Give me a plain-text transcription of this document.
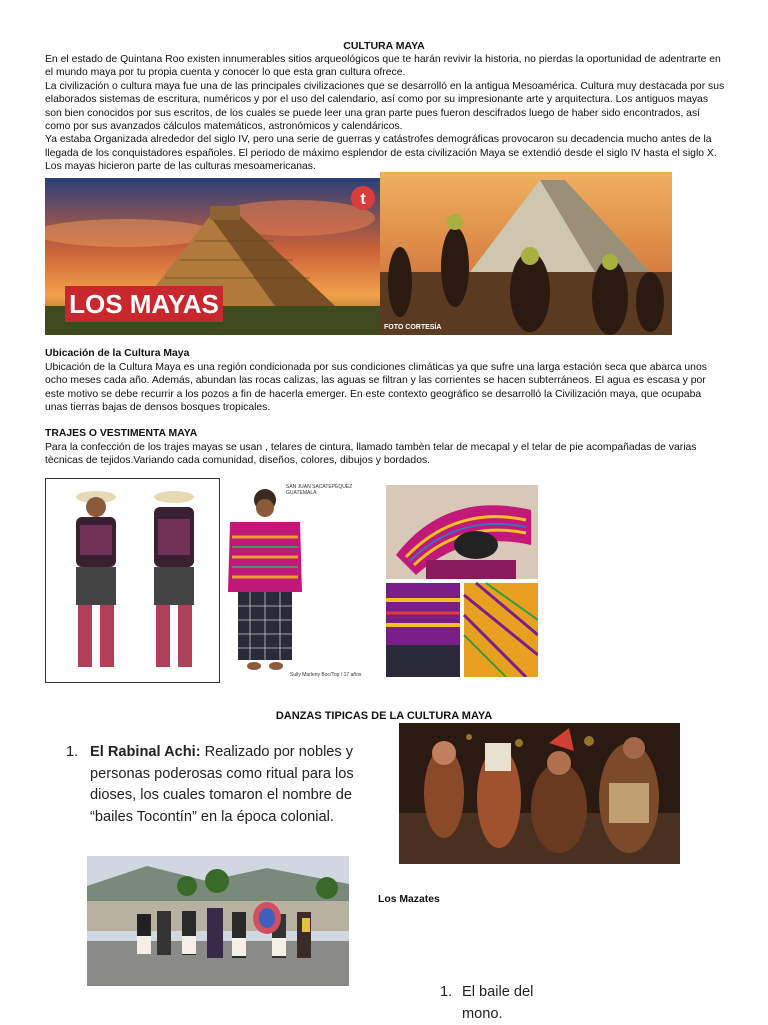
CULTURA MAYA

En el estado de Quintana Roo existen innumerables sitios arqueológicos que te harán revivir la historia, no pierdas la oportunidad de adentrarte en el mundo maya por tu propia cuenta y conocer lo que esta gran cultura ofrece.

La civilización o cultura maya fue una de las principales civilizaciones que se desarrolló en la antigua Mesoamérica. Cultura muy destacada por sus elaborados sistemas de escritura, numéricos y por el uso del calendario, así como por su impresionante arte y arquitectura. Los antiguos mayas son bien conocidos por sus escritos, de los cuales se puede leer una gran parte pues fueron descifrados luego de haber sido encontrados, así como por sus avanzados cálculos matemáticos, astronómicos y calendáricos.

Ya estaba Organizada alrededor del siglo IV, pero una serie de guerras y catástrofes demográficas provocaron su decadencia mucho antes de la llegada de los conquistadores españoles. El periodo de máximo esplendor de esta civilización Maya se extendió desde el siglo IV hasta el siglo X. Los mayas hicieron parte de las culturas mesoamericanas.

LOS MAYAS
t
FOTO CORTESÍA
Ubicación de la Cultura Maya
Ubicación de la Cultura Maya es una región condicionada por sus condiciones climáticas ya que sufre una larga estación seca que abarca unos ocho meses cada año. Además, abundan las rocas calizas, las aguas se filtran y las corrientes se hacen subterráneos. El agua es escasa y por este motivo se debe recurrir a los pozos a fin de hacerla emerger. En este contexto geográfico se desarrolló la Civilización maya, que ocupaba unas tierras bajas de densos bosques tropicales.
TRAJES O VESTIMENTA MAYA
Para la confección de los trajes mayas se usan , telares de cintura, llamado tambèn telar de mecapal y el telar de pie acompañadas de varias tècnicas de tejidos.Variando cada comunidad, diseños, colores, dibujos y bordados.
SAN JUAN SACATEPÉQUEZ
GUATEMALA
Sully Marleny Boc/Top / 17 años
DANZAS TIPICAS DE LA CULTURA MAYA
1. El Rabinal Achi: Realizado por nobles y personas poderosas como ritual para los dioses, los cuales tomaron el nombre de “bailes Tocontín” en la época colonial.
Los Mazates
1. El baile del mono.
